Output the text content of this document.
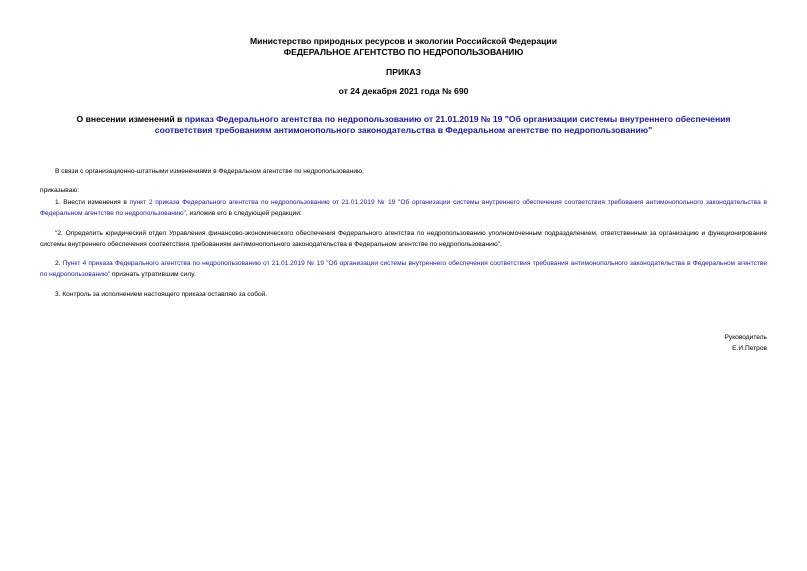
Министерство природных ресурсов и экологии Российской Федерации
ФЕДЕРАЛЬНОЕ АГЕНТСТВО ПО НЕДРОПОЛЬЗОВАНИЮ
ПРИКАЗ
от 24 декабря 2021 года № 690
О внесении изменений в приказ Федерального агентства по недропользованию от 21.01.2019 № 19 "Об организации системы внутреннего обеспечения
соответствия требованиям антимонопольного законодательства в Федеральном агентстве по недропользованию"
В связи с организационно-штатными изменениями в Федеральном агентстве по недропользованию,
приказываю:
1. Внести изменения в пункт 2 приказа Федерального агентства по недропользованию от 21.01.2019 № 19 "Об организации системы внутреннего обеспечения соответствия требования антимонопольного законодательства в Федеральном агентстве по недропользованию", изложив его в следующей редакции:
"2. Определить юридический отдел Управления финансово-экономического обеспечения Федерального агентства по недропользованию уполномоченным подразделением, ответственным за организацию и функционирование системы внутреннего обеспечения соответствия требованиям антимонопольного законодательства в Федеральном агентстве по недропользованию".
2. Пункт 4 приказа Федерального агентства по недропользованию от 21.01.2019 № 19 "Об организации системы внутреннего обеспечения соответствия требования антимонопольного законодательства в Федеральном агентстве по недропользованию" признать утратившим силу.
3. Контроль за исполнением настоящего приказа оставляю за собой.
Руководитель
Е.И.Петров
